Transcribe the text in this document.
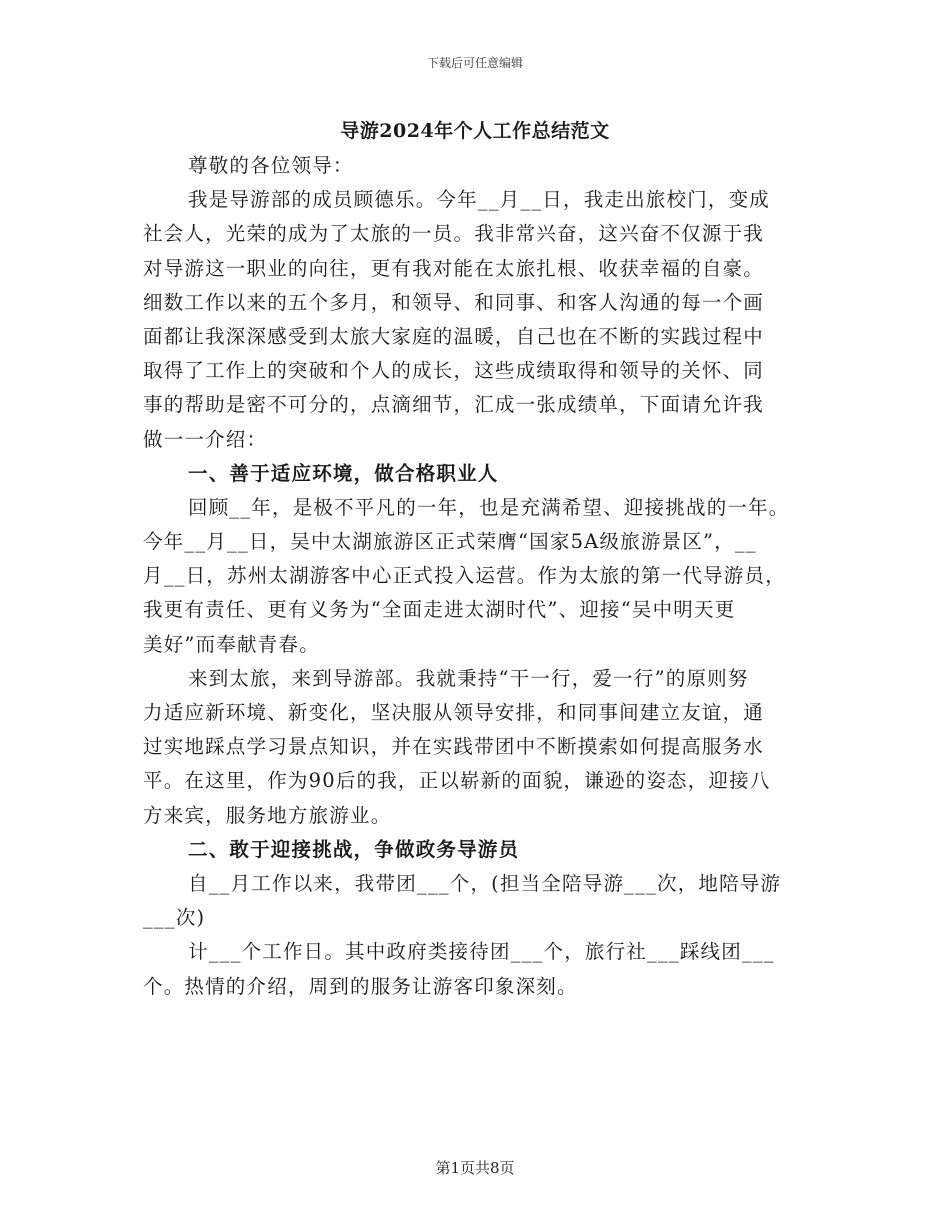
下载后可任意编辑
导游2024年个人工作总结范文
尊敬的各位领导：
我是导游部的成员顾德乐。今年__月__日，我走出旅校门，变成
社会人，光荣的成为了太旅的一员。我非常兴奋，这兴奋不仅源于我
对导游这一职业的向往，更有我对能在太旅扎根、收获幸福的自豪。
细数工作以来的五个多月，和领导、和同事、和客人沟通的每一个画
面都让我深深感受到太旅大家庭的温暖，自己也在不断的实践过程中
取得了工作上的突破和个人的成长，这些成绩取得和领导的关怀、同
事的帮助是密不可分的，点滴细节，汇成一张成绩单，下面请允许我
做一一介绍：
一、善于适应环境，做合格职业人
回顾__年，是极不平凡的一年，也是充满希望、迎接挑战的一年。
今年__月__日，吴中太湖旅游区正式荣膺“国家5A级旅游景区”，__
月__日，苏州太湖游客中心正式投入运营。作为太旅的第一代导游员，
我更有责任、更有义务为“全面走进太湖时代”、迎接“吴中明天更
美好”而奉献青春。
来到太旅，来到导游部。我就秉持“干一行，爱一行”的原则努
力适应新环境、新变化，坚决服从领导安排，和同事间建立友谊，通
过实地踩点学习景点知识，并在实践带团中不断摸索如何提高服务水
平。在这里，作为90后的我，正以崭新的面貌，谦逊的姿态，迎接八
方来宾，服务地方旅游业。
二、敢于迎接挑战，争做政务导游员
自__月工作以来，我带团___个，(担当全陪导游___次，地陪导游
___次)
计___个工作日。其中政府类接待团___个，旅行社___踩线团___
个。热情的介绍，周到的服务让游客印象深刻。
第1页共8页
